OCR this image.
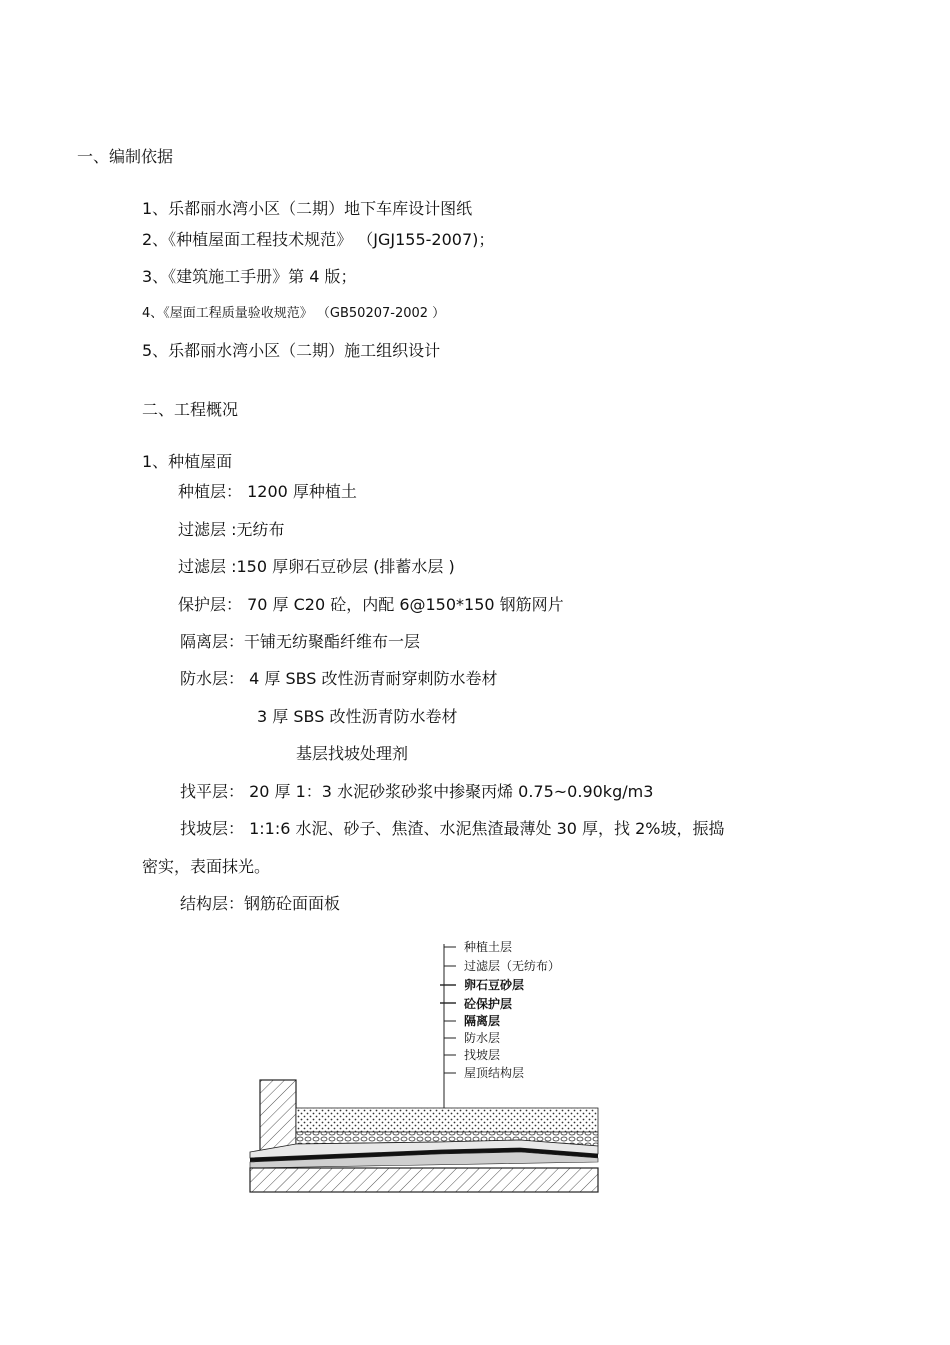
一、编制依据
1、乐都丽水湾小区（二期）地下车库设计图纸
2、《种植屋面工程技术规范》 （JGJ155-2007)；
3、《建筑施工手册》第 4 版；
4、《屋面工程质量验收规范》 （GB50207-2002 ）
5、乐都丽水湾小区（二期）施工组织设计
二、工程概况
1、种植屋面
种植层： 1200 厚种植土
过滤层 :无纺布
过滤层 :150 厚卵石豆砂层 (排蓄水层 )
保护层： 70 厚 C20 砼，内配 6@150*150 钢筋网片
隔离层：干铺无纺聚酯纤维布一层
防水层： 4 厚 SBS 改性沥青耐穿刺防水卷材
3 厚 SBS 改性沥青防水卷材
基层找坡处理剂
找平层： 20 厚 1：3 水泥砂浆砂浆中掺聚丙烯 0.75~0.90kg/m3
找坡层： 1:1:6 水泥、砂子、焦渣、水泥焦渣最薄处 30 厚，找 2%坡，振捣
密实，表面抹光。
结构层：钢筋砼面面板
种植土层
过滤层（无纺布）
卵石豆砂层
砼保护层
隔离层
防水层
找坡层
屋顶结构层
